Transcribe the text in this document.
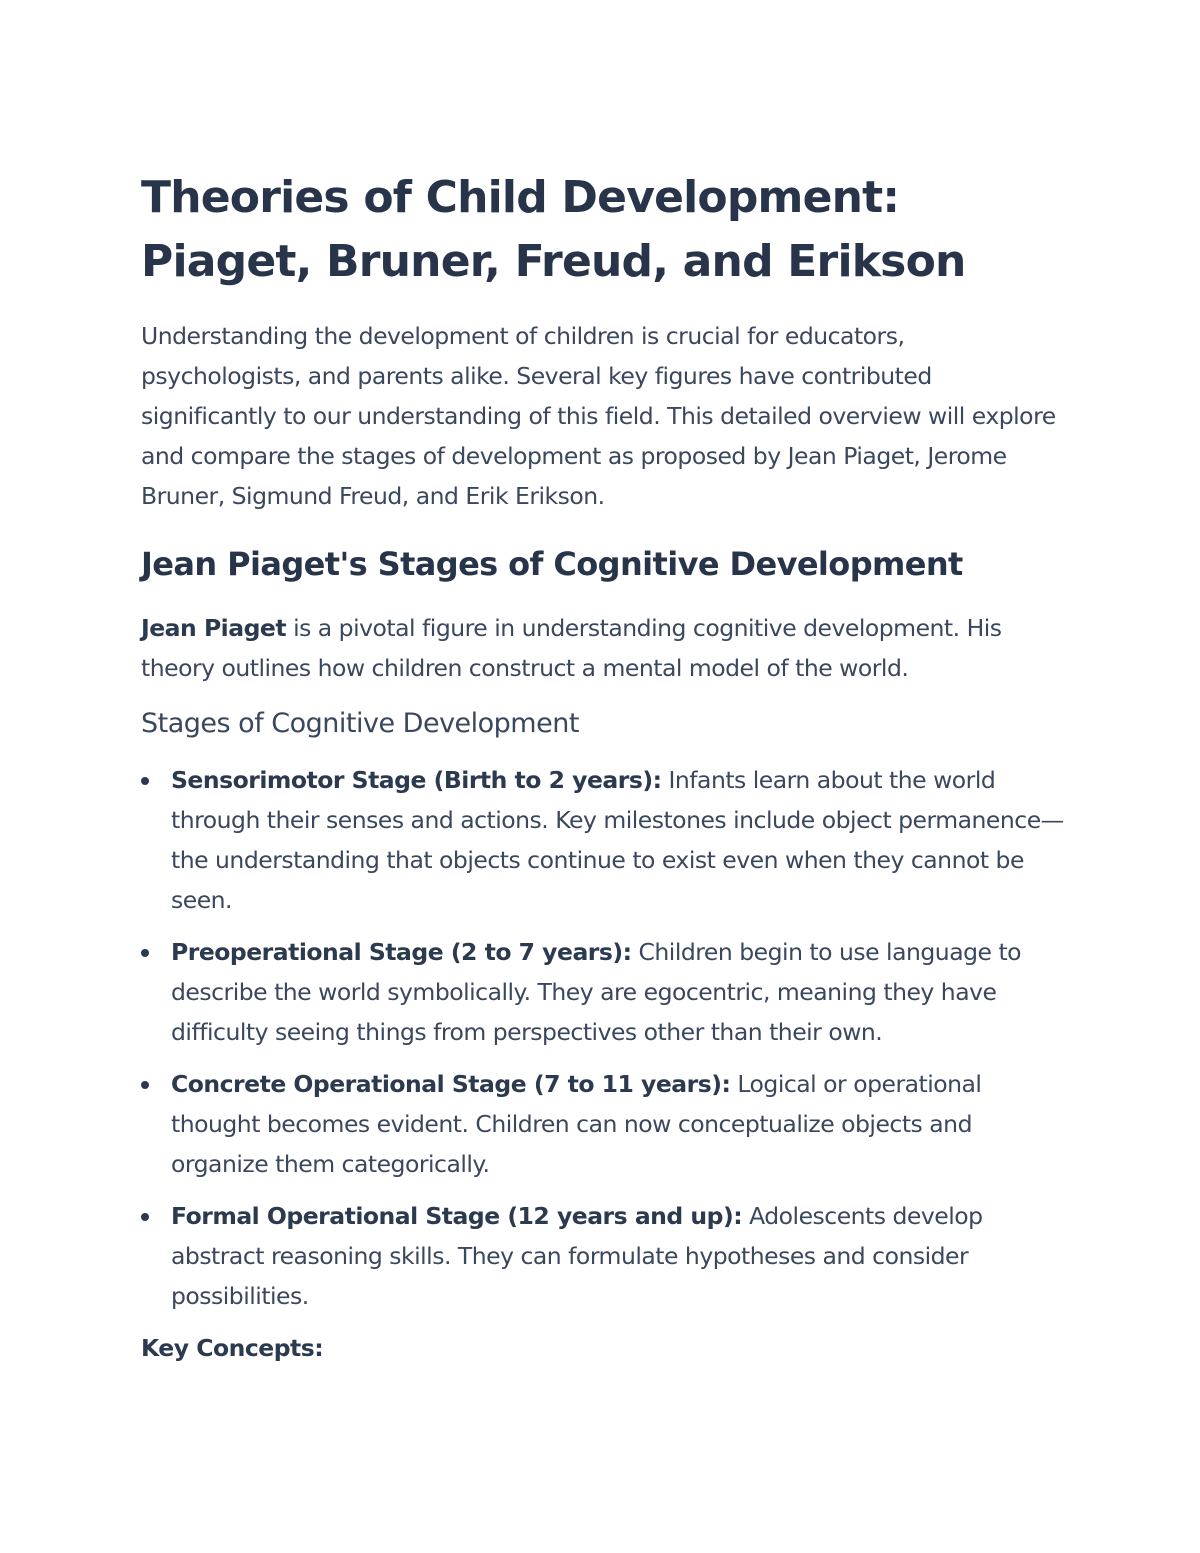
Theories of Child Development: Piaget, Bruner, Freud, and Erikson

Understanding the development of children is crucial for educators, psychologists, and parents alike. Several key figures have contributed significantly to our understanding of this field. This detailed overview will explore and compare the stages of development as proposed by Jean Piaget, Jerome Bruner, Sigmund Freud, and Erik Erikson.

Jean Piaget's Stages of Cognitive Development

Jean Piaget is a pivotal figure in understanding cognitive development. His theory outlines how children construct a mental model of the world.

Stages of Cognitive Development
Sensorimotor Stage (Birth to 2 years): Infants learn about the world through their senses and actions. Key milestones include object permanence—the understanding that objects continue to exist even when they cannot be seen.
Preoperational Stage (2 to 7 years): Children begin to use language to describe the world symbolically. They are egocentric, meaning they have difficulty seeing things from perspectives other than their own.
Concrete Operational Stage (7 to 11 years): Logical or operational thought becomes evident. Children can now conceptualize objects and organize them categorically.
Formal Operational Stage (12 years and up): Adolescents develop abstract reasoning skills. They can formulate hypotheses and consider possibilities.

Key Concepts:
